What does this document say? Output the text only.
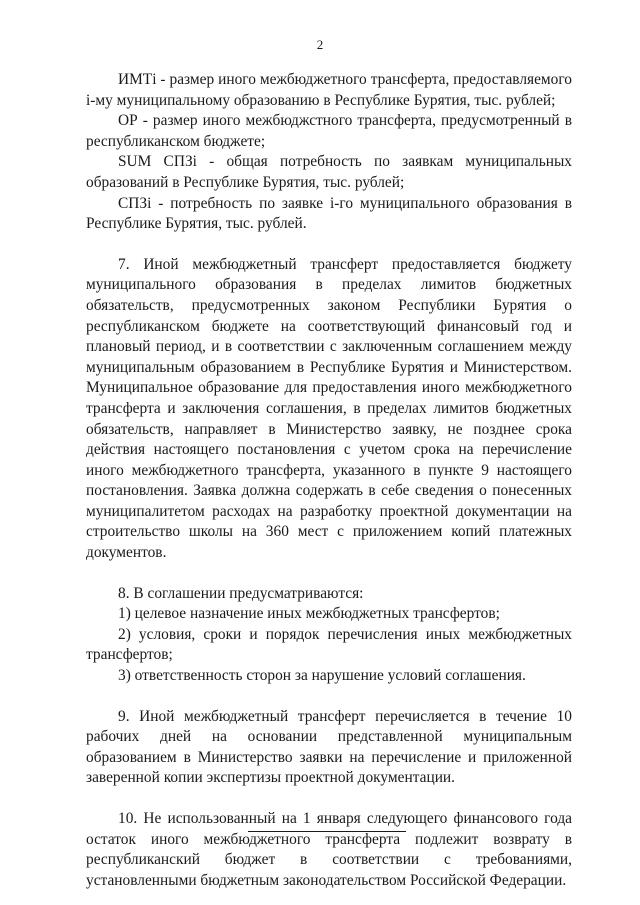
2

ИМТi - размер иного межбюджетного трансферта, предоставляемого i-му муниципальному образованию в Республике Бурятия, тыс. рублей;

ОР - размер иного межбюджстного трансферта, предусмотренный в республиканском бюджете;

SUM СПЗi - общая потребность по заявкам муниципальных образований в Республике Бурятия, тыс. рублей;

СПЗi - потребность по заявке i-го муниципального образования в Республике Бурятия, тыс. рублей.

7. Иной межбюджетный трансферт предоставляется бюджету муниципального образования в пределах лимитов бюджетных обязательств, предусмотренных законом Республики Бурятия о республиканском бюджете на соответствующий финансовый год и плановый период, и в соответствии с заключенным соглашением между муниципальным образованием в Республике Бурятия и Министерством. Муниципальное образование для предоставления иного межбюджетного трансферта и заключения соглашения, в пределах лимитов бюджетных обязательств, направляет в Министерство заявку, не позднее срока действия настоящего постановления с учетом срока на перечисление иного межбюджетного трансферта, указанного в пункте 9 настоящего постановления. Заявка должна содержать в себе сведения о понесенных муниципалитетом расходах на разработку проектной документации на строительство школы на 360 мест с приложением копий платежных документов.

8. В соглашении предусматриваются:

1) целевое назначение иных межбюджетных трансфертов;

2) условия, сроки и порядок перечисления иных межбюджетных трансфертов;

3) ответственность сторон за нарушение условий соглашения.

9. Иной межбюджетный трансферт перечисляется в течение 10 рабочих дней на основании представленной муниципальным образованием в Министерство заявки на перечисление и приложенной заверенной копии экспертизы проектной документации.

10. Не использованный на 1 января следующего финансового года остаток иного межбюджетного трансферта подлежит возврату в республиканский бюджет в соответствии с требованиями, установленными бюджетным законодательством Российской Федерации.
